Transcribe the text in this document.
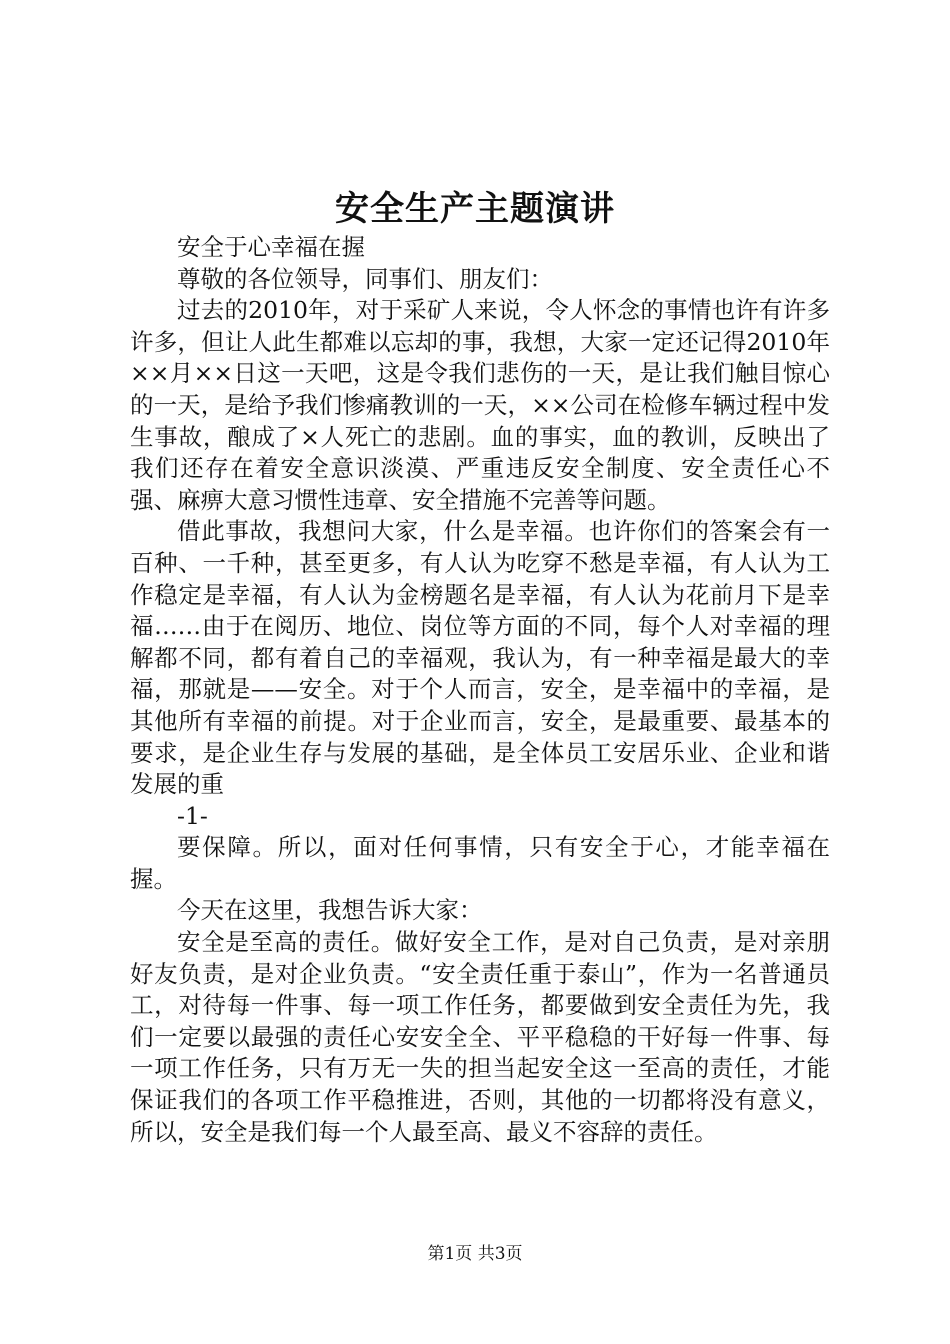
安全生产主题演讲

安全于心幸福在握

尊敬的各位领导，同事们、朋友们：

过去的2010年，对于采矿人来说，令人怀念的事情也许有许多许多，但让人此生都难以忘却的事，我想，大家一定还记得2010年××月××日这一天吧，这是令我们悲伤的一天，是让我们触目惊心的一天，是给予我们惨痛教训的一天，××公司在检修车辆过程中发生事故，酿成了×人死亡的悲剧。血的事实，血的教训，反映出了我们还存在着安全意识淡漠、严重违反安全制度、安全责任心不强、麻痹大意习惯性违章、安全措施不完善等问题。

借此事故，我想问大家，什么是幸福。也许你们的答案会有一百种、一千种，甚至更多，有人认为吃穿不愁是幸福，有人认为工作稳定是幸福，有人认为金榜题名是幸福，有人认为花前月下是幸福……由于在阅历、地位、岗位等方面的不同，每个人对幸福的理解都不同，都有着自己的幸福观，我认为，有一种幸福是最大的幸福，那就是——安全。对于个人而言，安全，是幸福中的幸福，是其他所有幸福的前提。对于企业而言，安全，是最重要、最基本的要求，是企业生存与发展的基础，是全体员工安居乐业、企业和谐发展的重

-1-

要保障。所以，面对任何事情，只有安全于心，才能幸福在握。

今天在这里，我想告诉大家：

安全是至高的责任。做好安全工作，是对自己负责，是对亲朋好友负责，是对企业负责。“安全责任重于泰山”，作为一名普通员工，对待每一件事、每一项工作任务，都要做到安全责任为先，我们一定要以最强的责任心安安全全、平平稳稳的干好每一件事、每一项工作任务，只有万无一失的担当起安全这一至高的责任，才能保证我们的各项工作平稳推进，否则，其他的一切都将没有意义，所以，安全是我们每一个人最至高、最义不容辞的责任。

第1页 共3页
